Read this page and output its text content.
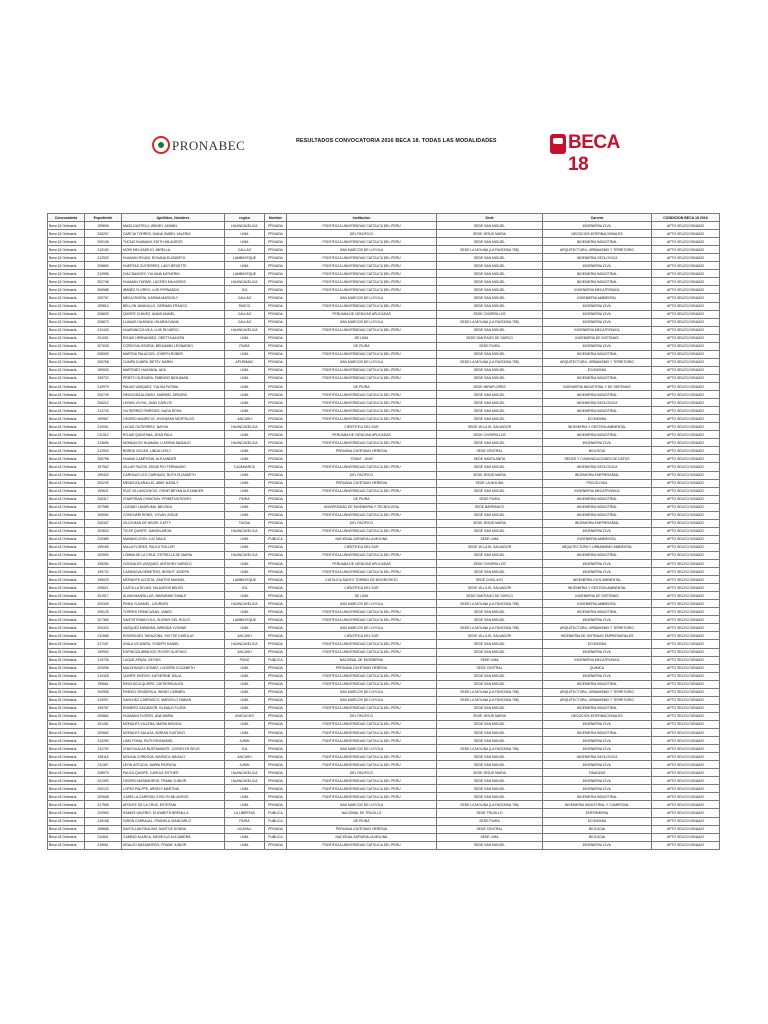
PRONABEC	RESULTADOS CONVOCATORIA 2016 BECA 18. TODAS LAS MODALIDADES	BECA 18
Convocatoria	Expediente	Apellidos_Nombres	region	Nombre	Institucion	Sede	Carrera	CONDICION BECA 18 2016
Beca 18 Ordinaria	199806	MAZA GASTELU, WENDY JASMIN	HUANCAVELICA	PRIVADA	PONTIFICIA UNIVERSIDAD CATOLICA DEL PERU	SEDE SAN MIGUEL	INGENIERIA CIVIL	APTO SELECCIONADO
Beca 18 Ordinaria	206207	GARCIA TORRES, DIANA ISABEL VALERIA	LIMA	PRIVADA	DEL PACIFICO	SEDE JESUS MARIA	NEGOCIOS INTERNACIONALES	APTO SELECCIONADO
Beca 18 Ordinaria	200106	TUCNO HUAMANI, EDITH MILAGROS	LIMA	PRIVADA	PONTIFICIA UNIVERSIDAD CATOLICA DEL PERU	SEDE SAN MIGUEL	INGENIERIA INDUSTRIAL	APTO SELECCIONADO
Beca 18 Ordinaria	210100	MORI MELGAREJO, MIRELLA	CALLAO	PRIVADA	SAN MARCOS DE LOYOLA	SEDE LA MOLINA (LA FANTASIA 758)	ARQUITECTURA, URBANISMO Y TERRITORIO	APTO SELECCIONADO
Beca 18 Ordinaria	212920	HUAMAN ROJAS, ROXANA ELIZABETH	LAMBAYEQUE	PRIVADA	PONTIFICIA UNIVERSIDAD CATOLICA DEL PERU	SEDE SAN MIGUEL	INGENIERIA GEOLOGICA	APTO SELECCIONADO
Beca 18 Ordinaria	206850	HUERTAS GUTIERREZ, LADY BRIGITTE	LIMA	PRIVADA	PONTIFICIA UNIVERSIDAD CATOLICA DEL PERU	SEDE SAN MIGUEL	INGENIERIA CIVIL	APTO SELECCIONADO
Beca 18 Ordinaria	210995	DIAZ BANCES, YULIANA KATHERIN	LAMBAYEQUE	PRIVADA	PONTIFICIA UNIVERSIDAD CATOLICA DEL PERU	SEDE SAN MIGUEL	INGENIERIA INDUSTRIAL	APTO SELECCIONADO
Beca 18 Ordinaria	202746	HUAMAN YUPARI, LUCERO MILAGROS	HUANCAVELICA	PRIVADA	PONTIFICIA UNIVERSIDAD CATOLICA DEL PERU	SEDE SAN MIGUEL	INGENIERIA INDUSTRIAL	APTO SELECCIONADO
Beca 18 Ordinaria	206588	IBAÑEZ FLORES, LUIS FERNANDO	ICA	PRIVADA	PONTIFICIA UNIVERSIDAD CATOLICA DEL PERU	SEDE SAN MIGUEL	INGENIERIA MECATRONICA	APTO SELECCIONADO
Beca 18 Ordinaria	209767	MECA RIVERA, KARINA MARGOLY	CALLAO	PRIVADA	SAN MARCOS DE LOYOLA	SEDE SAN MIGUEL	INGENIERIA AMBIENTAL	APTO SELECCIONADO
Beca 18 Ordinaria	199814	BELLON JAVANILLO, GERMAN FRANCO	PASCO	PRIVADA	PONTIFICIA UNIVERSIDAD CATOLICA DEL PERU	SEDE SAN MIGUEL	INGENIERIA CIVIL	APTO SELECCIONADO
Beca 18 Ordinaria	206829	QUISPE CHAVEZ, ANAIS ANAIEL	CALLAO	PRIVADA	PERUANA DE CIENCIAS APLICADAS	SEDE CHORRILLOS	INGENIERIA CIVIL	APTO SELECCIONADO
Beca 18 Ordinaria	206873	LLAMAS HUARANI, HILARIA DIANA	CALLAO	PRIVADA	SAN MARCOS DE LOYOLA	SEDE LA MOLINA (LA FANTASIA 758)	INGENIERIA CIVIL	APTO SELECCIONADO
Beca 18 Ordinaria	212443	HUARANCCA VILA, LUIS RICARDO	HUANCAVELICA	PRIVADA	PONTIFICIA UNIVERSIDAD CATOLICA DEL PERU	SEDE SAN MIGUEL	INGENIERIA MECATRONICA	APTO SELECCIONADO
Beca 18 Ordinaria	201001	ROJAS HERNANDEZ, GRETTA AILEEN	LIMA	PRIVADA	DE LIMA	SEDE SANTIAGO DE SURCO	INGENIERIA DE SISTEMAS	APTO SELECCIONADO
Beca 18 Ordinaria	207628	CORDOVA OSORIA, BENJAMIN LEONARDO	PIURA	PRIVADA	DE PIURA	SEDE PIURA	INGENIERIA CIVIL	APTO SELECCIONADO
Beca 18 Ordinaria	208059	MARTINI PALACIOS, JOSEPH ROBER	LIMA	PRIVADA	PONTIFICIA UNIVERSIDAD CATOLICA DEL PERU	SEDE SAN MIGUEL	INGENIERIA INDUSTRIAL	APTO SELECCIONADO
Beca 18 Ordinaria	206768	CUMPA CUMPA, BETSY MARIN	APURIMAC	PRIVADA	SAN MARCOS DE LOYOLA	SEDE LA MOLINA (LA FANTASIA 758)	ARQUITECTURA, URBANISMO Y TERRITORIO	APTO SELECCIONADO
Beca 18 Ordinaria	199000	MARTINEZ HUAYANA, ADA	LIMA	PRIVADA	PONTIFICIA UNIVERSIDAD CATOLICA DEL PERU	SEDE SAN MIGUEL	ECONOMIA	APTO SELECCIONADO
Beca 18 Ordinaria	199722	PRIETO GUEVARA, FABRIZIO BENJAMIN	LIMA	PRIVADA	PONTIFICIA UNIVERSIDAD CATOLICA DEL PERU	SEDE SAN MIGUEL	INGENIERIA INDUSTRIAL	APTO SELECCIONADO
Beca 18 Ordinaria	210979	PALMO VASQUEZ, YULISA FATIMA	LIMA	PRIVADA	DE PIURA	SEDE MIRAFLORES	INGENIERIA INDUSTRIAL Y DE SISTEMAS	APTO SELECCIONADO
Beca 18 Ordinaria	200749	HINOJOSA ALONSO, MARIBEL DEBORA	LIMA	PRIVADA	PONTIFICIA UNIVERSIDAD CATOLICA DEL PERU	SEDE SAN MIGUEL	INGENIERIA INDUSTRIAL	APTO SELECCIONADO
Beca 18 Ordinaria	206212	LEIVAS LEYVA, JUAN CARLOS	LIMA	PRIVADA	PONTIFICIA UNIVERSIDAD CATOLICA DEL PERU	SEDE SAN MIGUEL	INGENIERIA GEOLOGICA	APTO SELECCIONADO
Beca 18 Ordinaria	212743	GUTIERREZ PAREDES, NAGA ROSA	LIMA	PRIVADA	PONTIFICIA UNIVERSIDAD CATOLICA DEL PERU	SEDE SAN MIGUEL	INGENIERIA INDUSTRIAL	APTO SELECCIONADO
Beca 18 Ordinaria	199967	OSORIO MAURICIO, JHONATAN NEOPOLDO	ANCASH	PRIVADA	PONTIFICIA UNIVERSIDAD CATOLICA DEL PERU	SEDE SAN MIGUEL	ECONOMIA	APTO SELECCIONADO
Beca 18 Ordinaria	210001	LUCAS GUTIERREZ, NAYHA	HUANCAVELICA	PRIVADA	CIENTIFICA DEL SUR	SEDE VILLA EL SALVADOR	INGENIERIA Y GESTION AMBIENTAL	APTO SELECCIONADO
Beca 18 Ordinaria	211312	ROJAS QUINTANA, JEAN PAUL	LIMA	PRIVADA	PERUANA DE CIENCIAS APLICADAS	SEDE CHORRILLOS	INGENIERIA INDUSTRIAL	APTO SELECCIONADO
Beca 18 Ordinaria	213696	MONDALGO HUAMAN, LUISSNA MAGALID	HUANCAVELICA	PRIVADA	PONTIFICIA UNIVERSIDAD CATOLICA DEL PERU	SEDE SAN MIGUEL	INGENIERIA CIVIL	APTO SELECCIONADO
Beca 18 Ordinaria	212903	BORDA VIZCAS, LINDA LESLY	LIMA	PRIVADA	PERUANA CAYETANO HEREDIA	SEDE CENTRAL	BIOLOGIA	APTO SELECCIONADO
Beca 18 Ordinaria	206758	HUAMA CAMPOSIN, ALEXANDER	LIMA	PRIVADA	"ESAN" - UNIV	SEDE SANTA ANITA	REDES Y COMUNICACIONES DE DATOS	APTO SELECCIONADO
Beca 18 Ordinaria	197962	VILLAR PAZOS, KRAIS PIO FERNANDO	CAJAMARCA	PRIVADA	PONTIFICIA UNIVERSIDAD CATOLICA DEL PERU	SEDE SAN MIGUEL	INGENIERIA GEOLOGICA	APTO SELECCIONADO
Beca 18 Ordinaria	199403	CARHUAS LEO CARHUAS, RUTH ELIZABETH	LIMA	PRIVADA	DEL PACIFICO	SEDE JESUS MARIA	INGENIERIA EMPRESARIAL	APTO SELECCIONADO
Beca 18 Ordinaria	200249	MENDOZA ARAUJO, ABBY NATALY	LIMA	PRIVADA	PERUANA CAYETANO HEREDIA	SEDE LA MOLINA	PSICOLOGIA	APTO SELECCIONADO
Beca 18 Ordinaria	199621	RUIZ VILLAVICENCIO, OSHIR BRYAN ALEXANDER	LIMA	PRIVADA	PONTIFICIA UNIVERSIDAD CATOLICA DEL PERU	SEDE SAN MIGUEL	INGENIERIA MECATRONICA	APTO SELECCIONADO
Beca 18 Ordinaria	206317	CHAPOÑAN CHINCHAY, PRIMITIVA ROSSY	PIURA	PRIVADA	DE PIURA	SEDE PIURA	INGENIERIA INDUSTRIAL	APTO SELECCIONADO
Beca 18 Ordinaria	207588	LOZANO LAVAPUMA, BELISKA	LIMA	PRIVADA	UNIVERSIDAD DE INGENIERIA Y TECNOLOGIA	SEDE BARRANCO	INGENIERIA INDUSTRIAL	APTO SELECCIONADO
Beca 18 Ordinaria	199054	CONCHARI RENIS, YOVAN JOSUE	LIMA	PRIVADA	PONTIFICIA UNIVERSIDAD CATOLICA DEL PERU	SEDE SAN MIGUEL	INGENIERIA INDUSTRIAL	APTO SELECCIONADO
Beca 18 Ordinaria	206347	VILCA MAN DE NEGRI, KATTY	TACNA	PRIVADA	DEL PACIFICO	SEDE JESUS MARIA	INGENIERIA EMPRESARIAL	APTO SELECCIONADO
Beca 18 Ordinaria	203602	TICSE QUISPE, DANON ARON	HUANCAVELICA	PRIVADA	PONTIFICIA UNIVERSIDAD CATOLICA DEL PERU	SEDE SAN MIGUEL	INGENIERIA CIVIL	APTO SELECCIONADO
Beca 18 Ordinaria	220389	MAMANI LEON, LUZ NAILA	LIMA	PUBLICA	NACIONAL AGRARIA LA MOLINA	SEDE LIMA	INGENIERIA AMBIENTAL	APTO SELECCIONADO
Beca 18 Ordinaria	199169	MILLA FLORES, PAULO ROLLER	LIMA	PRIVADA	CIENTIFICA DEL SUR	SEDE VILLA EL SALVADOR	ARQUITECTURA Y URBANISMO AMBIENTAL	APTO SELECCIONADO
Beca 18 Ordinaria	200550	LOMBA DE LA CRUZ, ESTRELLA DE MARIA	HUANCAVELICA	PRIVADA	PONTIFICIA UNIVERSIDAD CATOLICA DEL PERU	SEDE SAN MIGUEL	INGENIERIA INDUSTRIAL	APTO SELECCIONADO
Beca 18 Ordinaria	198284	GONZALES VASQUEZ, ANTHONY HAROLD	LIMA	PRIVADA	PERUANA DE CIENCIAS APLICADAS	SEDE CHORRILLOS	INGENIERIA CIVIL	APTO SELECCIONADO
Beca 18 Ordinaria	199722	CASANOVA DEMETRIO, BRIGHT JOSEPH	LIMA	PRIVADA	PONTIFICIA UNIVERSIDAD CATOLICA DEL PERU	SEDE SAN MIGUEL	INGENIERIA CIVIL	APTO SELECCIONADO
Beca 18 Ordinaria	198029	MORANTE ACOSTA, SANTOS MANUEL	LAMBAYEQUE	PRIVADA	CATOLICA SANTO TORIBIO DE MOGROVEJO	SEDE CHICLAYO	INGENIERIA CIVIL AMBIENTAL	APTO SELECCIONADO
Beca 18 Ordinaria	209621	CASTILLA ROJAS, MILAGROS BELEN	ICA	PRIVADA	CIENTIFICA DEL SUR	SEDE VILLA EL SALVADOR	INGENIERIA Y GESTION AMBIENTAL	APTO SELECCIONADO
Beca 18 Ordinaria	201917	ALVAN MANSILLAS, MARIANNE SHAILE	LIMA	PRIVADA	DE LIMA	SEDE SANTIAGO DE SURCO	INGENIERIA DE SISTEMAS	APTO SELECCIONADO
Beca 18 Ordinaria	209349	PINEA YUZAMEL, LOURDES	HUANCAVELICA	PRIVADA	SAN MARCOS DE LOYOLA	SEDE LA MOLINA (LA FANTASIA 758)	INGENIERIA AMBIENTAL	APTO SELECCIONADO
Beca 18 Ordinaria	209129	TORRES FRANCASAN, JANED	LIMA	PRIVADA	PONTIFICIA UNIVERSIDAD CATOLICA DEL PERU	SEDE SAN MIGUEL	INGENIERIA INDUSTRIAL	APTO SELECCIONADO
Beca 18 Ordinaria	207365	SANTISTEBAN VILA, GLENNY DEL ROCIO	LAMBAYEQUE	PRIVADA	PONTIFICIA UNIVERSIDAD CATOLICA DEL PERU	SEDE SAN MIGUEL	INGENIERIA CIVIL	APTO SELECCIONADO
Beca 18 Ordinaria	200320	VASQUEZ MIRANDA, BRENDA YVONNE	LIMA	PRIVADA	SAN MARCOS DE LOYOLA	SEDE LA MOLINA (LA FANTASIA 758)	ARQUITECTURA, URBANISMO Y TERRITORIO	APTO SELECCIONADO
Beca 18 Ordinaria	211598	RODRIGUEZ TARAZONA, YIN TSE KAROLAY	ANCASH	PRIVADA	CIENTIFICA DEL SUR	SEDE VILLA EL SALVADOR	INGENIERIA DE SISTEMAS EMPRESARIALES	APTO SELECCIONADO
Beca 18 Ordinaria	217167	AYALA VICASIRA, YOSEPH DANIEL	HUANCAVELICA	PRIVADA	PONTIFICIA UNIVERSIDAD CATOLICA DEL PERU	SEDE SAN MIGUEL	ECONOMIA	APTO SELECCIONADO
Beca 18 Ordinaria	199900	ESPINOZA ARMIJOS, ROYER GUSTAVO	ANCASH	PRIVADA	PONTIFICIA UNIVERSIDAD CATOLICA DEL PERU	SEDE SAN MIGUEL	INGENIERIA CIVIL	APTO SELECCIONADO
Beca 18 Ordinaria	219726	LUQUE APAZA, DEYSIS	PUNO	PUBLICA	NACIONAL DE INGENIERIA	SEDE LIMA	INGENIERIA MECATRONICA	APTO SELECCIONADO
Beca 18 Ordinaria	203096	MALDONADO GOMEZ, LUDGRID ELIZABETH	LIMA	PRIVADA	PERUANA CAYETANO HEREDIA	SEDE CENTRAL	QUIMICA	APTO SELECCIONADO
Beca 18 Ordinaria	210328	QUISPE MORON, KATHERINE DALIA	LIMA	PRIVADA	PONTIFICIA UNIVERSIDAD CATOLICA DEL PERU	SEDE SAN MIGUEL	INGENIERIA CIVIL	APTO SELECCIONADO
Beca 18 Ordinaria	199661	RINCHUCA QUISPE, CATHERIN ALEN	LIMA	PRIVADA	PONTIFICIA UNIVERSIDAD CATOLICA DEL PERU	SEDE SAN MIGUEL	INGENIERIA INDUSTRIAL	APTO SELECCIONADO
Beca 18 Ordinaria	200955	PINEDO YENDERILA, WINNY CARMEN	LIMA	PRIVADA	SAN MARCOS DE LOYOLA	SEDE LA MOLINA (LA FANTASIA 758)	ARQUITECTURA, URBANISMO Y TERRITORIO	APTO SELECCIONADO
Beca 18 Ordinaria	210097	SANCHEZ CARRASCO, MARCELO FABIAN	LIMA	PRIVADA	SAN MARCOS DE LOYOLA	SEDE LA MOLINA (LA FANTASIA 758)	ARQUITECTURA, URBANISMO Y TERRITORIO	APTO SELECCIONADO
Beca 18 Ordinaria	199767	ROMERO SALVADOR, GLINALD FLORA	LIMA	PRIVADA	PONTIFICIA UNIVERSIDAD CATOLICA DEL PERU	SEDE SAN MIGUEL	INGENIERIA INDUSTRIAL	APTO SELECCIONADO
Beca 18 Ordinaria	200864	HUAMANI FLORES, ANA MARIA	AYACUCHO	PRIVADA	DEL PACIFICO	SEDE JESUS MARIA	NEGOCIOS INTERNACIONALES	APTO SELECCIONADO
Beca 18 Ordinaria	201451	MORALES VILLENA, MARIA MONICA	LIMA	PRIVADA	PONTIFICIA UNIVERSIDAD CATOLICA DEL PERU	SEDE SAN MIGUEL	INGENIERIA CIVIL	APTO SELECCIONADO
Beca 18 Ordinaria	200862	MORALES SALAZA, ADRIAN GUSTAVO	LIMA	PRIVADA	PONTIFICIA UNIVERSIDAD CATOLICA DEL PERU	SEDE SAN MIGUEL	INGENIERIA INDUSTRIAL	APTO SELECCIONADO
Beca 18 Ordinaria	210290	LIMO POMA, RUTH ROSANGEL	JUNIN	PRIVADA	PONTIFICIA UNIVERSIDAD CATOLICA DEL PERU	SEDE SAN MIGUEL	INGENIERIA CIVIL	APTO SELECCIONADO
Beca 18 Ordinaria	211709	CHAYGUALAS BUSTAMANTE, JOSSELYN SELIS	ICA	PRIVADA	SAN MARCOS DE LOYOLA	SEDE LA MOLINA (LA FANTASIA 758)	INGENIERIA CIVIL	APTO SELECCIONADO
Beca 18 Ordinaria	198116	MOLINA CORDOVA, MARISOL MAGALY	ANCASH	PRIVADA	PONTIFICIA UNIVERSIDAD CATOLICA DEL PERU	SEDE SAN MIGUEL	INGENIERIA GEOLOGICA	APTO SELECCIONADO
Beca 18 Ordinaria	211367	LEON ASTUCIA, MARIA PATRICIA	JUNIN	PRIVADA	PONTIFICIA UNIVERSIDAD CATOLICA DEL PERU	SEDE SAN MIGUEL	INGENIERIA CIVIL	APTO SELECCIONADO
Beca 18 Ordinaria	208979	PAUCA QUISPE, CAROLE ESTHER	HUANCAVELICA	PRIVADA	DEL PACIFICO	SEDE JESUS MARIA	FINANZAS	APTO SELECCIONADO
Beca 18 Ordinaria	201392	OSORIO MATAMOROS, FRANK JUNIOR	HUANCAVELICA	PRIVADA	PONTIFICIA UNIVERSIDAD CATOLICA DEL PERU	SEDE SAN MIGUEL	INGENIERIA CIVIL	APTO SELECCIONADO
Beca 18 Ordinaria	200123	LOPEZ PALPPE, ARSELY MARTINA	LIMA	PRIVADA	PONTIFICIA UNIVERSIDAD CATOLICA DEL PERU	SEDE SAN MIGUEL	INGENIERIA CIVIL	APTO SELECCIONADO
Beca 18 Ordinaria	200848	CASELLA CARRION, EVELYN MILAGROS	LIMA	PRIVADA	PONTIFICIA UNIVERSIDAD CATOLICA DEL PERU	SEDE SAN MIGUEL	INGENIERIA INDUSTRIAL	APTO SELECCIONADO
Beca 18 Ordinaria	217908	APONTE DE LA CRUZ, ESTEFANI	LIMA	PRIVADA	SAN MARCOS DE LOYOLA	SEDE LA MOLINA (LA FANTASIA 758)	INGENIERIA INDUSTRIAL Y COMERCIAL	APTO SELECCIONADO
Beca 18 Ordinaria	220963	RAMOS VALERIO, ELIZABETH BRENILLA	LA LIBERTAD	PUBLICA	NACIONAL DE TRUJILLO	SEDE TRUJILLO	ENFERMERIA	APTO SELECCIONADO
Beca 18 Ordinaria	218158	GIRON CARBAJAL, FRANKLA GIANCARLO	PIURA	PUBLICA	DE PIURA	SEDE PIURA	ECONOMIA	APTO SELECCIONADO
Beca 18 Ordinaria	198668	SANTILLAN PAULINO, SANTOS DONNA	UCAYALI	PRIVADA	PERUANA CAYETANO HEREDIA	SEDE CENTRAL	BIOLOGIA	APTO SELECCIONADO
Beca 18 Ordinaria	211841	CAMINO ALARCA, MICHELLE ALEJANDRA	LIMA	PUBLICA	NACIONAL AGRARIA LA MOLINA	SEDE LIMA	BIOLOGIA	APTO SELECCIONADO
Beca 18 Ordinaria	219661	ARAUJO MATAMOROS, FRANK JUNIOR	LIMA	PRIVADA	PONTIFICIA UNIVERSIDAD CATOLICA DEL PERU	SEDE SAN MIGUEL	INGENIERIA CIVIL	APTO SELECCIONADO
